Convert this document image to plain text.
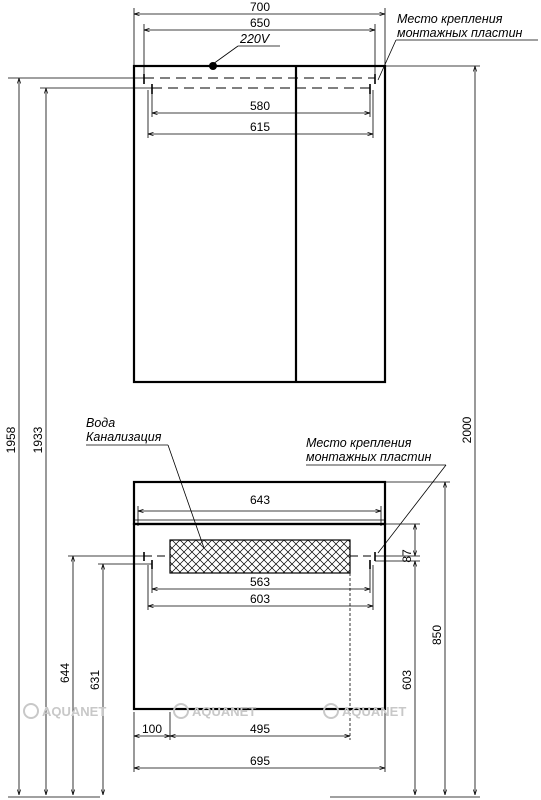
700
650
580
615
220V
Место крепления
монтажных пластин
643
563
603
100	495
695
1958 1933
644 631
2000
850
87
603
Вода
Канализация	Место крепления
монтажных пластин
AQUANET	AQUANET	AQUANET
